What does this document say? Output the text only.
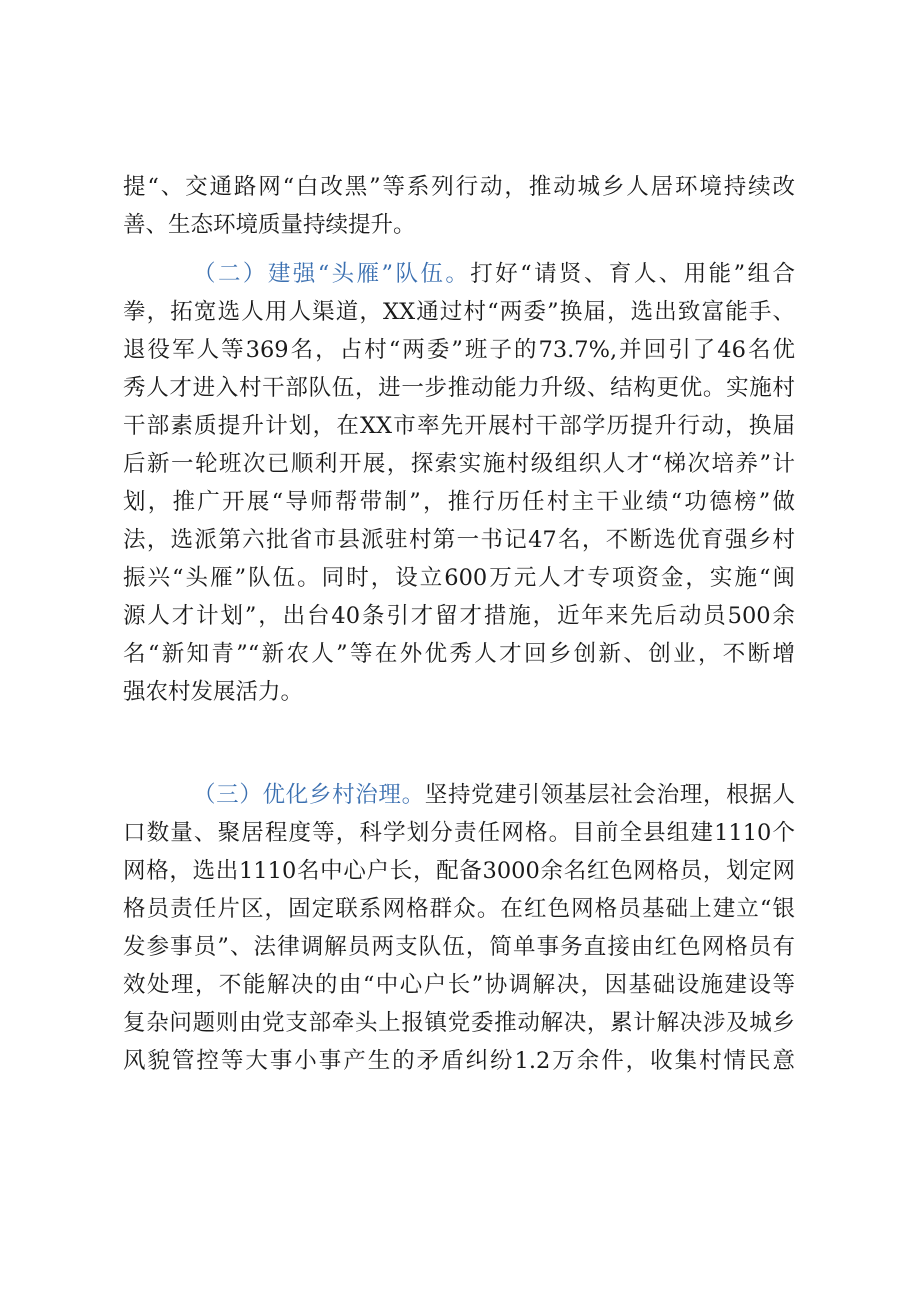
提“、交通路网“白改黑”等系列行动，推动城乡人居环境持续改
善、生态环境质量持续提升。
（二）建强“头雁”队伍。打好“请贤、育人、用能”组合
拳，拓宽选人用人渠道，XX通过村“两委”换届，选出致富能手、
退役军人等369名，占村“两委”班子的73.7%,并回引了46名优
秀人才进入村干部队伍，进一步推动能力升级、结构更优。实施村
干部素质提升计划，在XX市率先开展村干部学历提升行动，换届
后新一轮班次已顺利开展，探索实施村级组织人才“梯次培养”计
划，推广开展“导师帮带制”，推行历任村主干业绩“功德榜”做
法，选派第六批省市县派驻村第一书记47名，不断选优育强乡村
振兴“头雁”队伍。同时，设立600万元人才专项资金，实施“闽
源人才计划”，出台40条引才留才措施，近年来先后动员500余
名“新知青”“新农人”等在外优秀人才回乡创新、创业，不断增
强农村发展活力。
（三）优化乡村治理。坚持党建引领基层社会治理，根据人
口数量、聚居程度等，科学划分责任网格。目前全县组建1110个
网格，选出1110名中心户长，配备3000余名红色网格员，划定网
格员责任片区，固定联系网格群众。在红色网格员基础上建立“银
发参事员”、法律调解员两支队伍，简单事务直接由红色网格员有
效处理，不能解决的由“中心户长”协调解决，因基础设施建设等
复杂问题则由党支部牵头上报镇党委推动解决，累计解决涉及城乡
风貌管控等大事小事产生的矛盾纠纷1.2万余件，收集村情民意
